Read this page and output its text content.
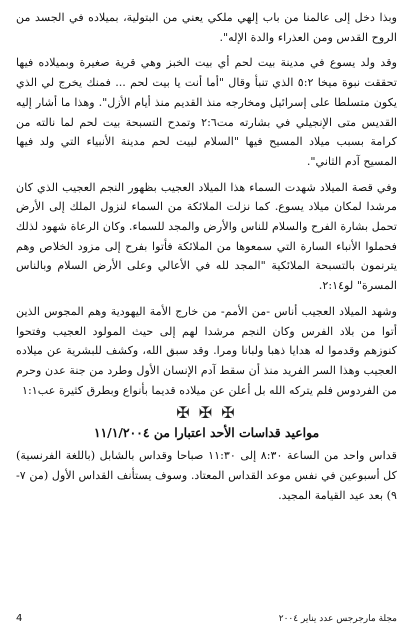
وبذا دخل إلى عالمنا من باب إلهي ملكي يعني من البتولية، بميلاده في الجسد من الروح القدس ومن العذراء والدة الإله".

وقد ولد يسوع في مدينة بيت لحم أي بيت الخبز وهي قرية صغيرة وبميلاده فيها تحققت نبوة ميخا ٥:٢ الذي تنبأ وقال "أما أنت يا بيت لحم ... فمنك يخرج لي الذي يكون متسلطا على إسرائيل ومخارجه منذ القديم منذ أيام الأزل". وهذا ما أشار إليه القديس متى الإنجيلي في بشارته مت٢:٦ وتمدح التسبحة بيت لحم لما نالته من كرامة بسبب ميلاد المسيح فيها "السلام لبيت لحم مدينة الأنبياء التي ولد فيها المسيح آدم الثاني".

وفي قصة الميلاد شهدت السماء هذا الميلاد العجيب بظهور النجم العجيب الذي كان مرشدا لمكان ميلاد يسوع. كما نزلت الملائكة من السماء لنزول الملك إلى الأرض تحمل بشارة الفرح والسلام للناس والأرض والمجد للسماء. وكان الرعاة شهود لذلك فحملوا الأنباء السارة التي سمعوها من الملائكة فأتوا بفرح إلى مزود الخلاص وهم يترنمون بالتسبحة الملائكية "المجد لله في الأعالي وعلى الأرض السلام وبالناس المسرة" لو٢:١٤.

وشهد الميلاد العجيب أناس -من الأمم- من خارج الأمة اليهودية وهم المجوس الذين أتوا من بلاد الفرس وكان النجم مرشدا لهم إلى حيث المولود العجيب وفتحوا كنوزهم وقدموا له هدايا ذهبا ولبانا ومرا. وقد سبق الله، وكشف للبشرية عن ميلاده العجيب وهذا السر الفريد منذ أن سقط آدم الإنسان الأول وطرد من جنة عدن وحرم من الفردوس فلم يتركه الله بل أعلن عن ميلاده قديما بأنواع وبطرق كثيرة عب١:١

✠ ✠ ✠
مواعيد قداسات الأحد اعتبارا من ١١/١/٢٠٠٤

قداس واحد من الساعة ٨:٣٠ إلى ١١:٣٠ صباحا وقداس بالشابل (باللغة الفرنسية) كل أسبوعين في نفس موعد القداس المعتاد. وسوف يستأنف القداس الأول (من ٧- ٩) بعد عيد القيامة المجيد.

مجلة مارجرجس عدد يناير ٢٠٠٤
4
